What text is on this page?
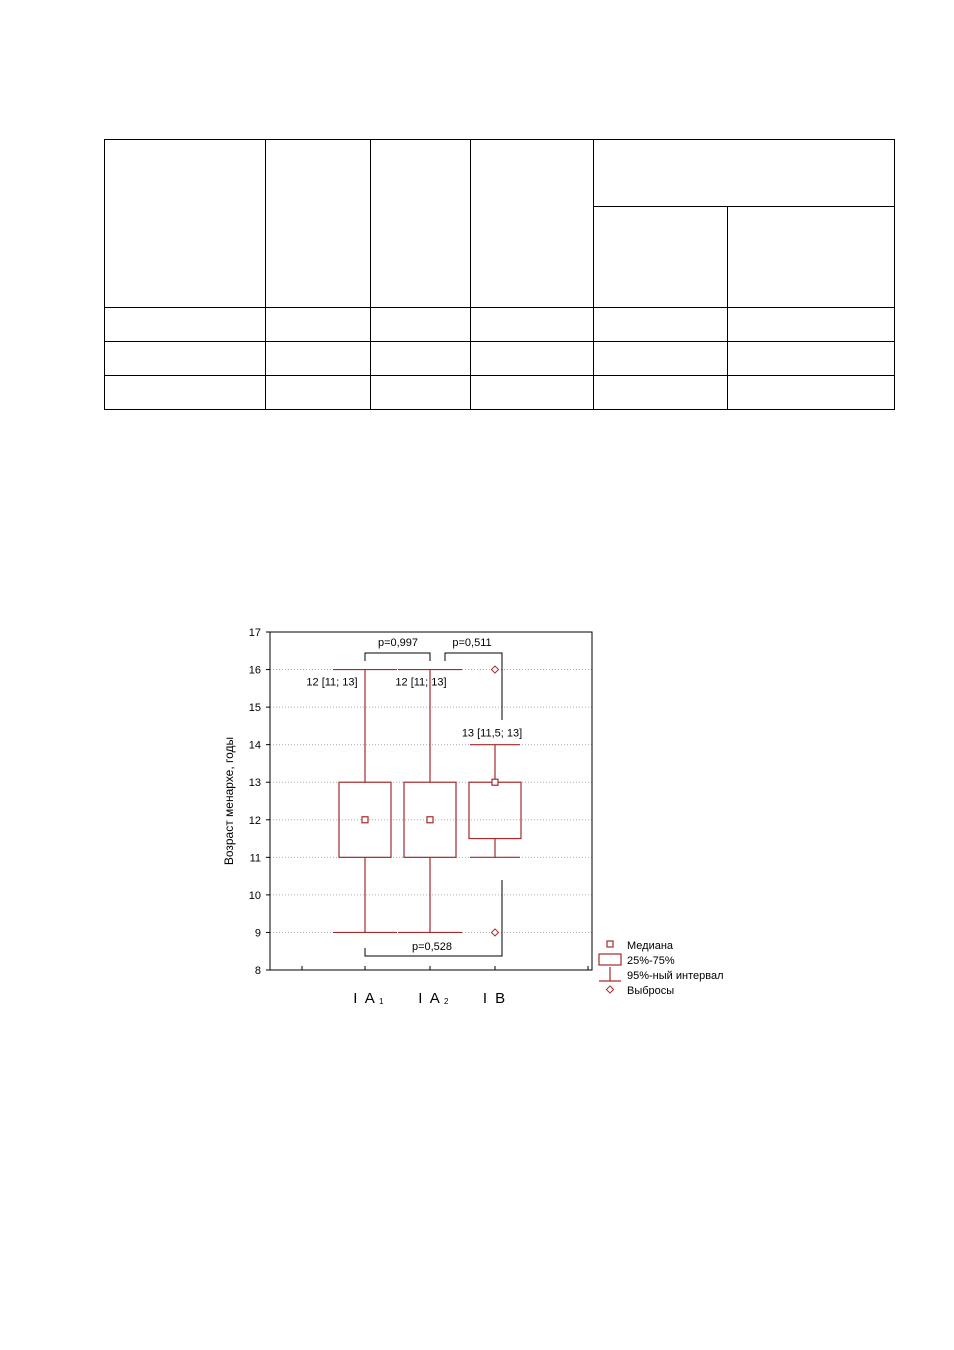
8
9
10
11
12
13
14
15
16
17
12 [11; 13]	12 [11; 13]
13 [11,5; 13]
p=0,997	p=0,511
p=0,528
I A 1 I A 2 I B
Возраст менархе, годы
Медиана
25%-75%
95%-ный интервал
Выбросы
